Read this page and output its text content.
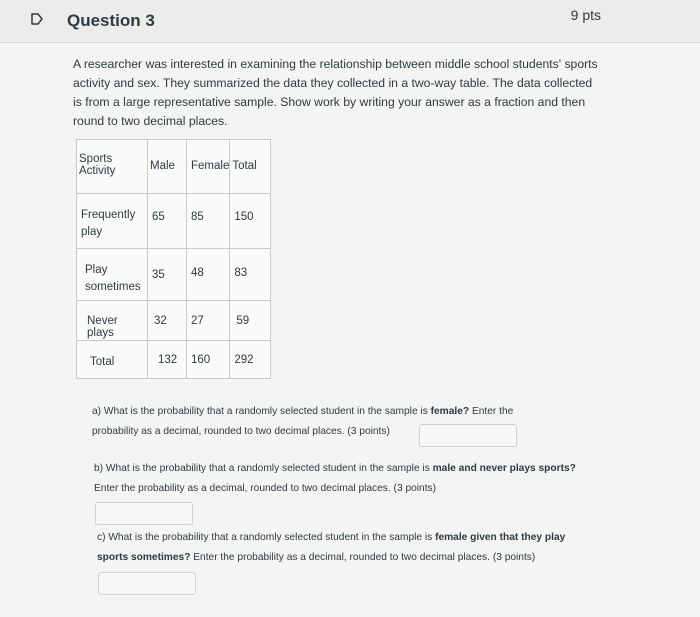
Question 3	9 pts
A researcher was interested in examining the relationship between middle school students' sports activity and sex. They summarized the data they collected in a two-way table. The data collected is from a large representative sample. Show work by writing your answer as a fraction and then round to two decimal places.
Sports Activity	Male	Female	Total

Frequently play	65	85	150

Play sometimes	35	48	83

Never plays	32	27	59

Total	132	160	292
a) What is the probability that a randomly selected student in the sample is female? Enter the probability as a decimal, rounded to two decimal places. (3 points)
b) What is the probability that a randomly selected student in the sample is male and never plays sports? Enter the probability as a decimal, rounded to two decimal places. (3 points)
c) What is the probability that a randomly selected student in the sample is female given that they play sports sometimes? Enter the probability as a decimal, rounded to two decimal places. (3 points)
